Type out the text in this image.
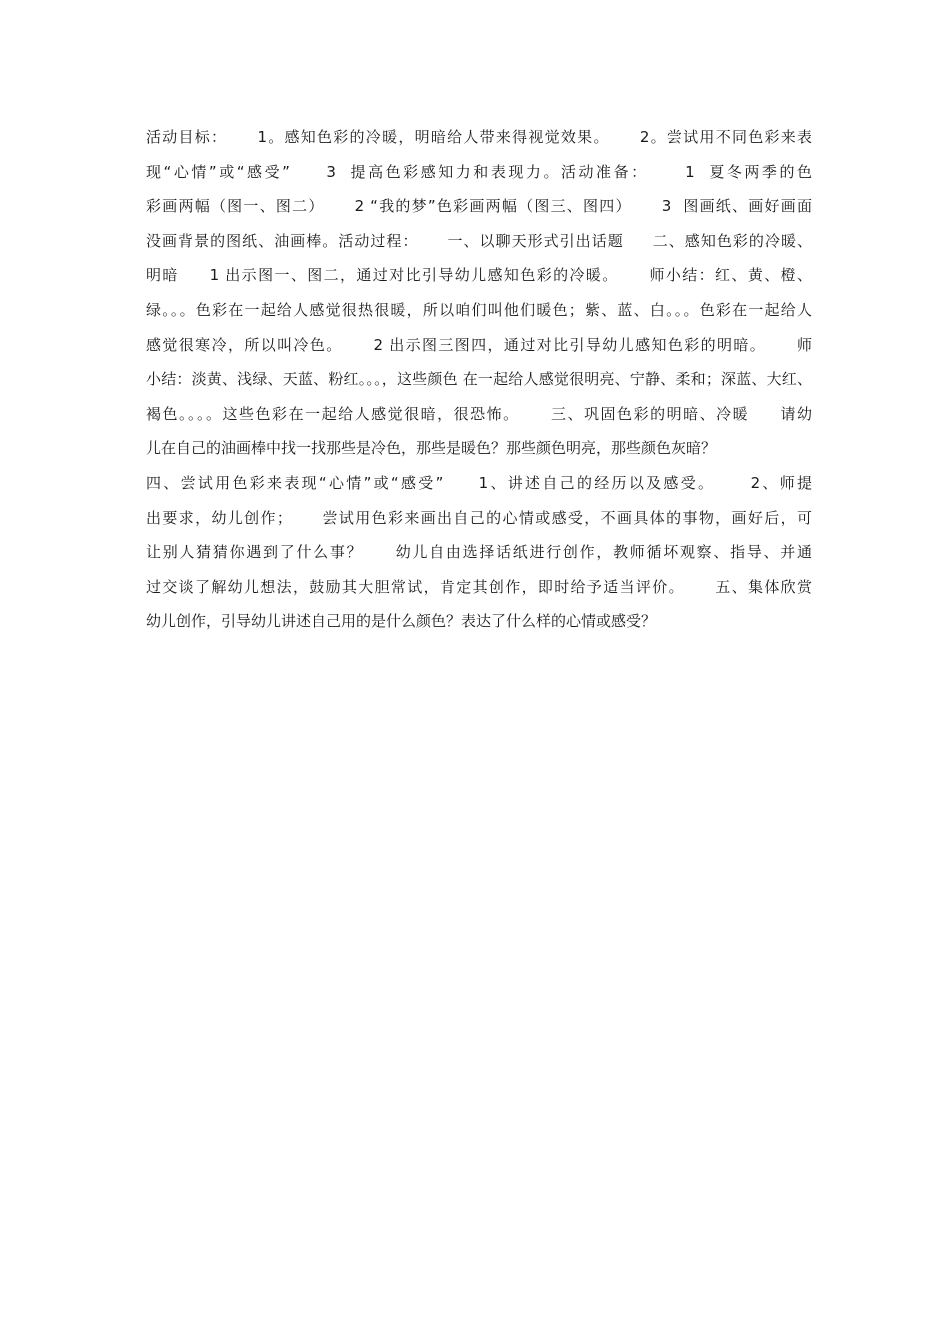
活动目标：     1。感知色彩的冷暖，明暗给人带来得视觉效果。     2。尝试用不同色彩来表
现“心情”或“感受”     3  提高色彩感知力和表现力。活动准备：     1  夏冬两季的色
彩画两幅（图一、图二）     2 “我的梦”色彩画两幅（图三、图四）     3  图画纸、画好画面
没画背景的图纸、油画棒。活动过程：     一、以聊天形式引出话题     二、感知色彩的冷暖、
明暗     1 出示图一、图二，通过对比引导幼儿感知色彩的冷暖。     师小结：红、黄、橙、
绿。。。色彩在一起给人感觉很热很暖，所以咱们叫他们暖色；紫、蓝、白。。。色彩在一起给人
感觉很寒冷，所以叫冷色。     2 出示图三图四，通过对比引导幼儿感知色彩的明暗。     师
小结：淡黄、浅绿、天蓝、粉红。。。，这些颜色 在一起给人感觉很明亮、宁静、柔和；深蓝、大红、
褐色。。。。这些色彩在一起给人感觉很暗，很恐怖。     三、巩固色彩的明暗、冷暖     请幼
儿在自己的油画棒中找一找那些是冷色，那些是暖色？那些颜色明亮，那些颜色灰暗？
四、尝试用色彩来表现“心情”或“感受”     1、讲述自己的经历以及感受。     2、师提
出要求，幼儿创作；     尝试用色彩来画出自己的心情或感受，不画具体的事物，画好后，可
让别人猜猜你遇到了什么事？     幼儿自由选择话纸进行创作，教师循坏观察、指导、并通
过交谈了解幼儿想法，鼓励其大胆常试，肯定其创作，即时给予适当评价。     五、集体欣赏
幼儿创作，引导幼儿讲述自己用的是什么颜色？表达了什么样的心情或感受？
